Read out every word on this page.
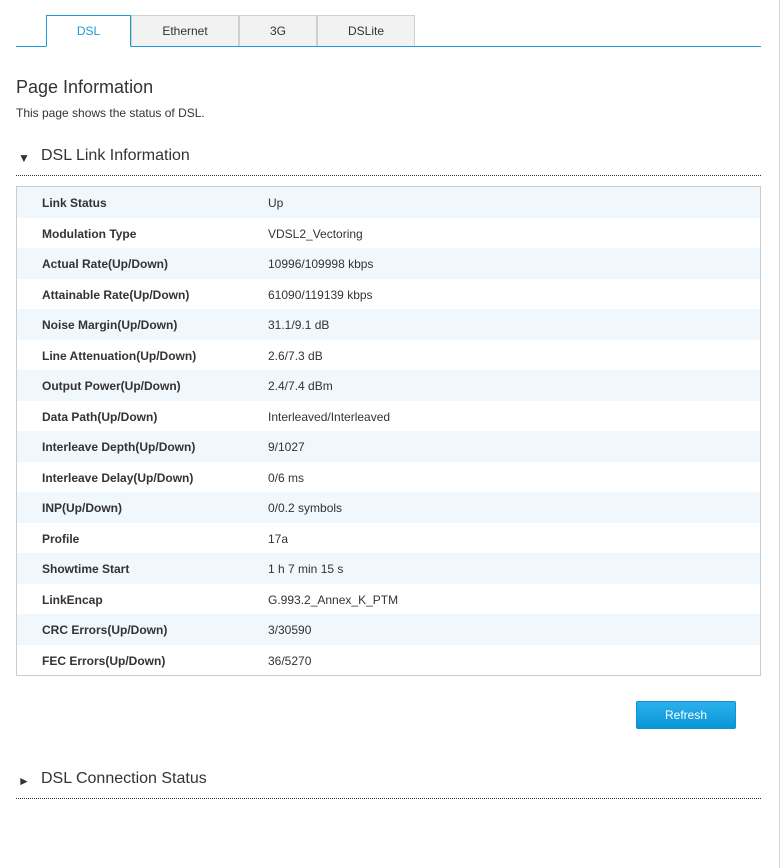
DSL	Ethernet	3G	DSLite
Page Information
This page shows the status of DSL.
▼ DSL Link Information
Link Status	Up
Modulation Type	VDSL2_Vectoring
Actual Rate(Up/Down)	10996/109998 kbps
Attainable Rate(Up/Down)	61090/119139 kbps
Noise Margin(Up/Down)	31.1/9.1 dB
Line Attenuation(Up/Down)	2.6/7.3 dB
Output Power(Up/Down)	2.4/7.4 dBm
Data Path(Up/Down)	Interleaved/Interleaved
Interleave Depth(Up/Down)	9/1027
Interleave Delay(Up/Down)	0/6 ms
INP(Up/Down)	0/0.2 symbols
Profile	17a
Showtime Start	1 h 7 min 15 s
LinkEncap	G.993.2_Annex_K_PTM
CRC Errors(Up/Down)	3/30590
FEC Errors(Up/Down)	36/5270
Refresh
► DSL Connection Status
